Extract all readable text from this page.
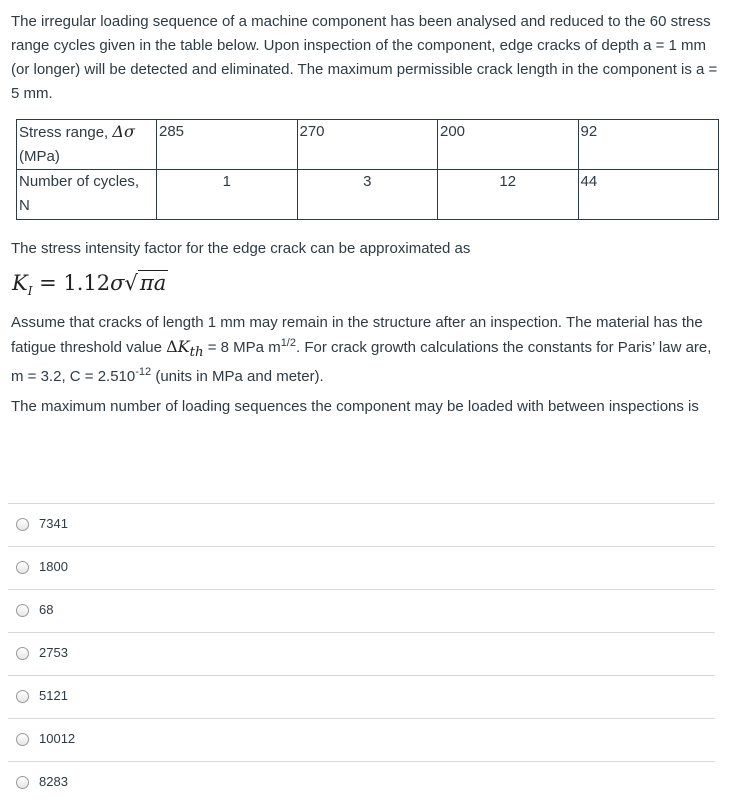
The irregular loading sequence of a machine component has been analysed and reduced to the 60 stress range cycles given in the table below. Upon inspection of the component, edge cracks of depth a = 1 mm (or longer) will be detected and eliminated. The maximum permissible crack length in the component is a = 5 mm.
Stress range, Δσ
(MPa)	285	270	200	92
Number of cycles,
N	1	3	12	44
The stress intensity factor for the edge crack can be approximated as
$K_I = 1.12\sigma√\pi a$
Assume that cracks of length 1 mm may remain in the structure after an inspection. The material has the fatigue threshold value $\Delta K_{th} = 8$ MPa $m^{1/2}$. For crack growth calculations the constants for Paris’ law are, m = 3.2, $C = 2.510^{-12}$ (units in MPa and meter).
The maximum number of loading sequences the component may be loaded with between inspections is
7341
1800
68
2753
5121
10012
8283
